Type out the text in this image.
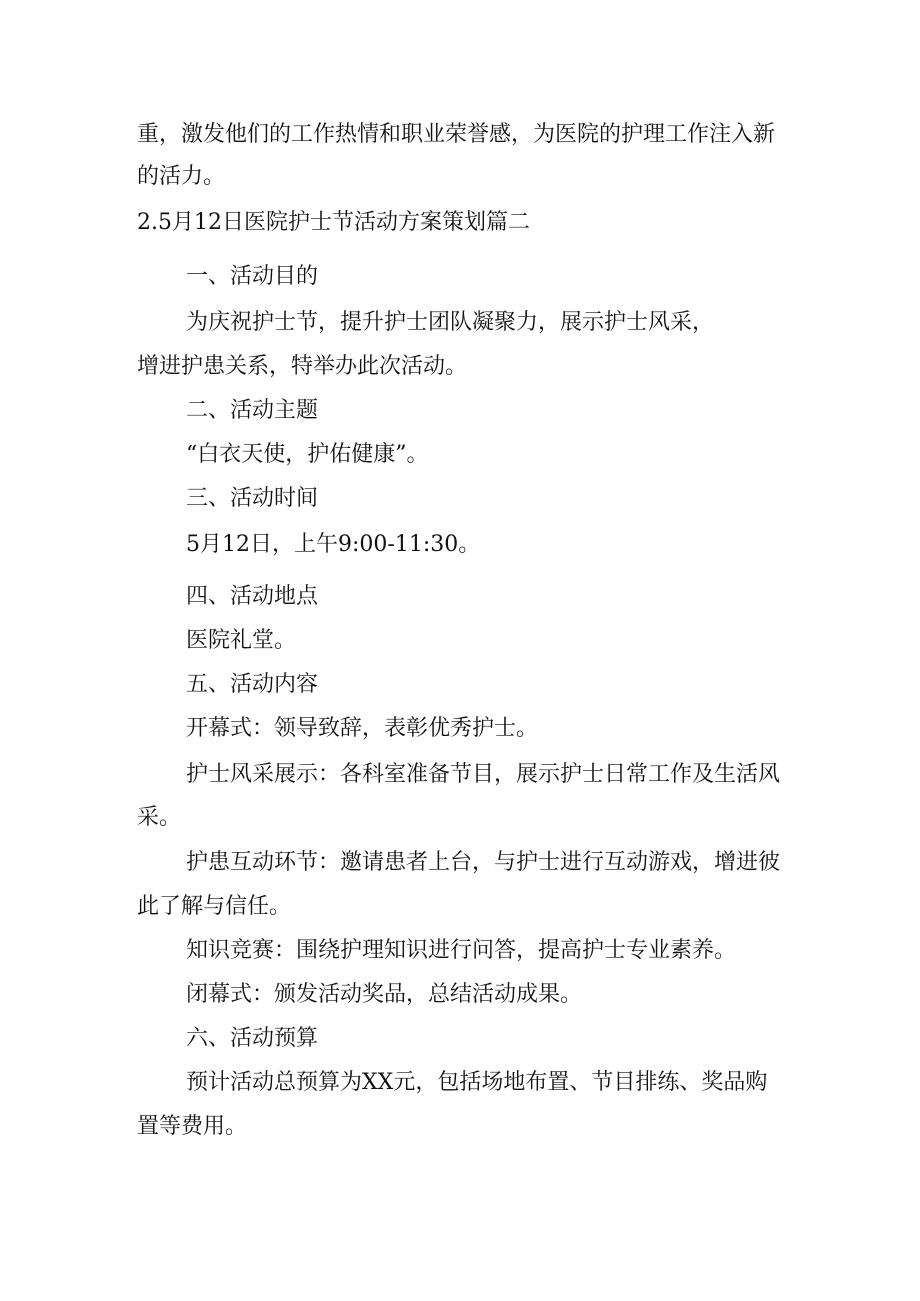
重，激发他们的工作热情和职业荣誉感，为医院的护理工作注入新
的活力。
2.5月12日医院护士节活动方案策划篇二
一、活动目的
为庆祝护士节，提升护士团队凝聚力，展示护士风采，
增进护患关系，特举办此次活动。
二、活动主题
“白衣天使，护佑健康”。
三、活动时间
5月12日，上午9:00-11:30。
四、活动地点
医院礼堂。
五、活动内容
开幕式：领导致辞，表彰优秀护士。
护士风采展示：各科室准备节目，展示护士日常工作及生活风
采。
护患互动环节：邀请患者上台，与护士进行互动游戏，增进彼
此了解与信任。
知识竞赛：围绕护理知识进行问答，提高护士专业素养。
闭幕式：颁发活动奖品，总结活动成果。
六、活动预算
预计活动总预算为XX元，包括场地布置、节目排练、奖品购
置等费用。
